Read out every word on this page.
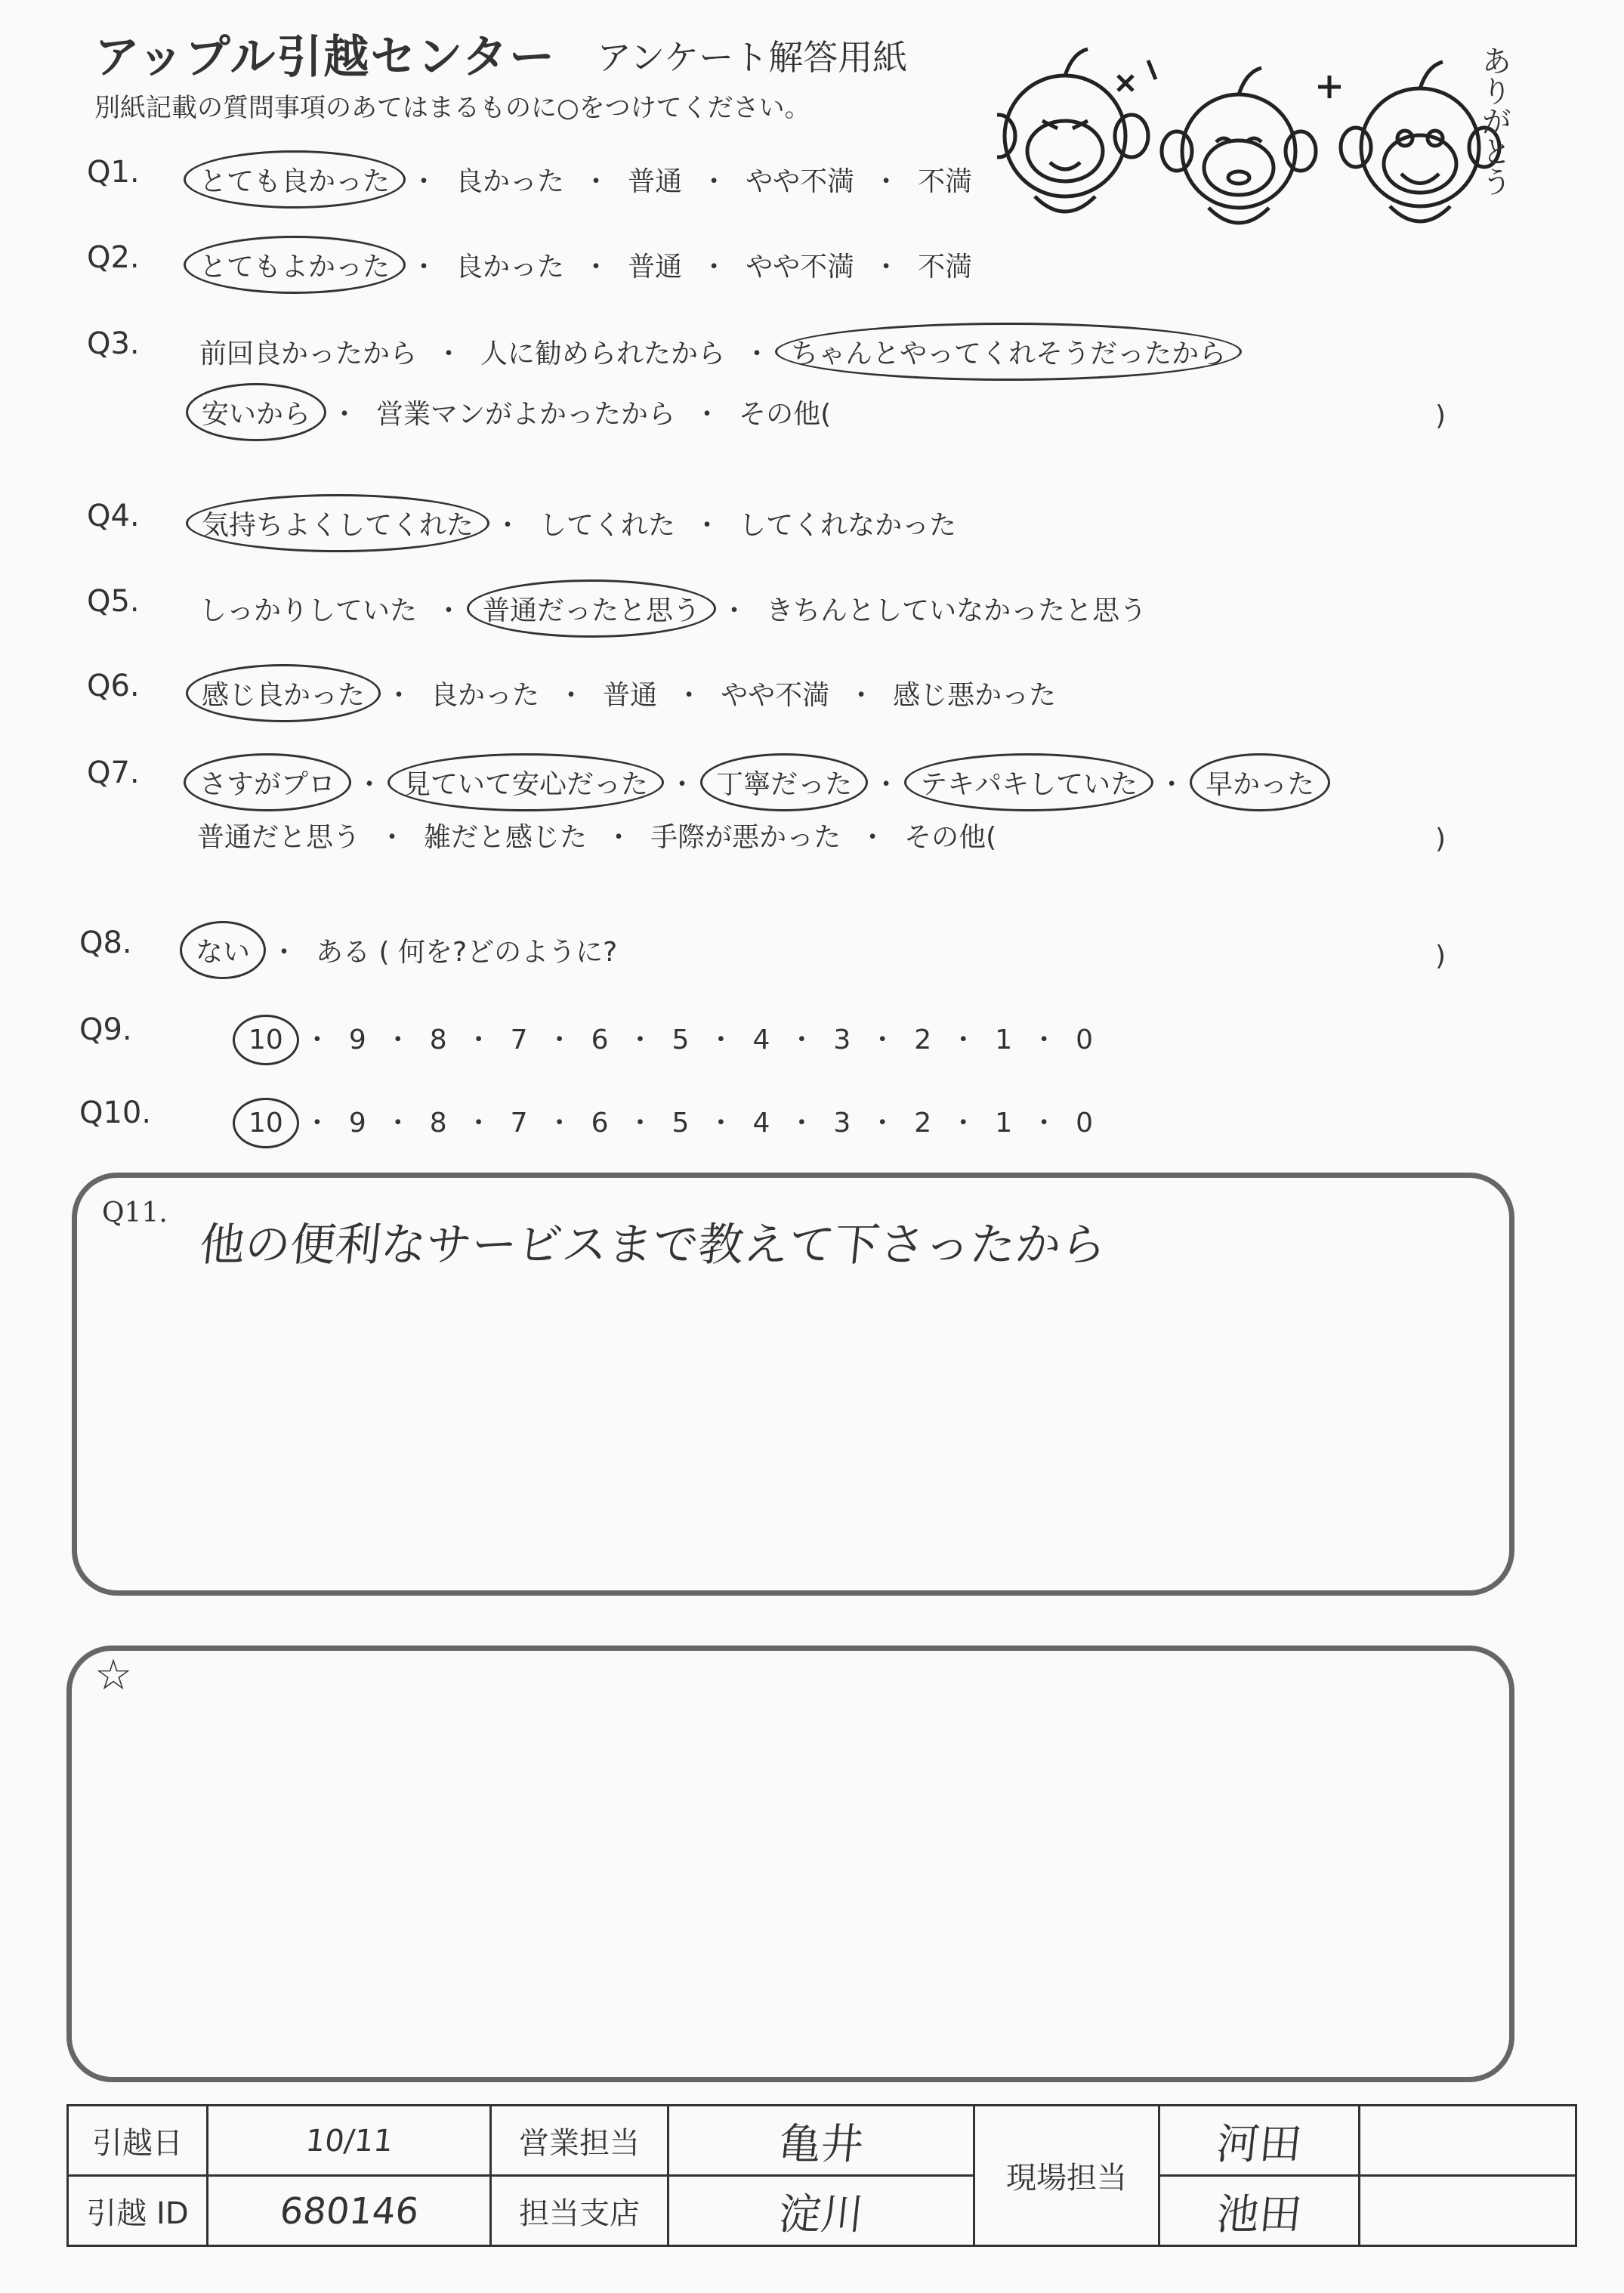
アップル引越センター アンケート解答用紙
別紙記載の質問事項のあてはまるものに○をつけてください。	ありがとう
Q1. とても良かった ・ 良かった ・ 普通 ・ やや不満 ・ 不満
Q2. とてもよかった ・ 良かった ・ 普通 ・ やや不満 ・ 不満
Q3. 前回良かったから ・ 人に勧められたから ・ ちゃんとやってくれそうだったから
安いから ・ 営業マンがよかったから ・ その他(	)
Q4. 気持ちよくしてくれた ・ してくれた ・ してくれなかった
Q5. しっかりしていた ・ 普通だったと思う ・ きちんとしていなかったと思う
Q6. 感じ良かった ・ 良かった ・ 普通 ・ やや不満 ・ 感じ悪かった
Q7. さすがプロ ・ 見ていて安心だった ・ 丁寧だった ・ テキパキしていた ・ 早かった
普通だと思う ・ 雑だと感じた ・ 手際が悪かった ・ その他(	)
Q8. ない ・ ある ( 何を?どのように?	)
Q9.	10 ・ 9 ・ 8 ・ 7 ・ 6 ・ 5 ・ 4 ・ 3 ・ 2 ・ 1 ・ 0
Q10.	10 ・ 9 ・ 8 ・ 7 ・ 6 ・ 5 ・ 4 ・ 3 ・ 2 ・ 1 ・ 0
Q11.
他の便利なサービスまで教えて下さったから
☆
引越日	10/11	営業担当	亀井	現場担当	河田	
引越 ID	680146	担当支店	淀川		池田	
